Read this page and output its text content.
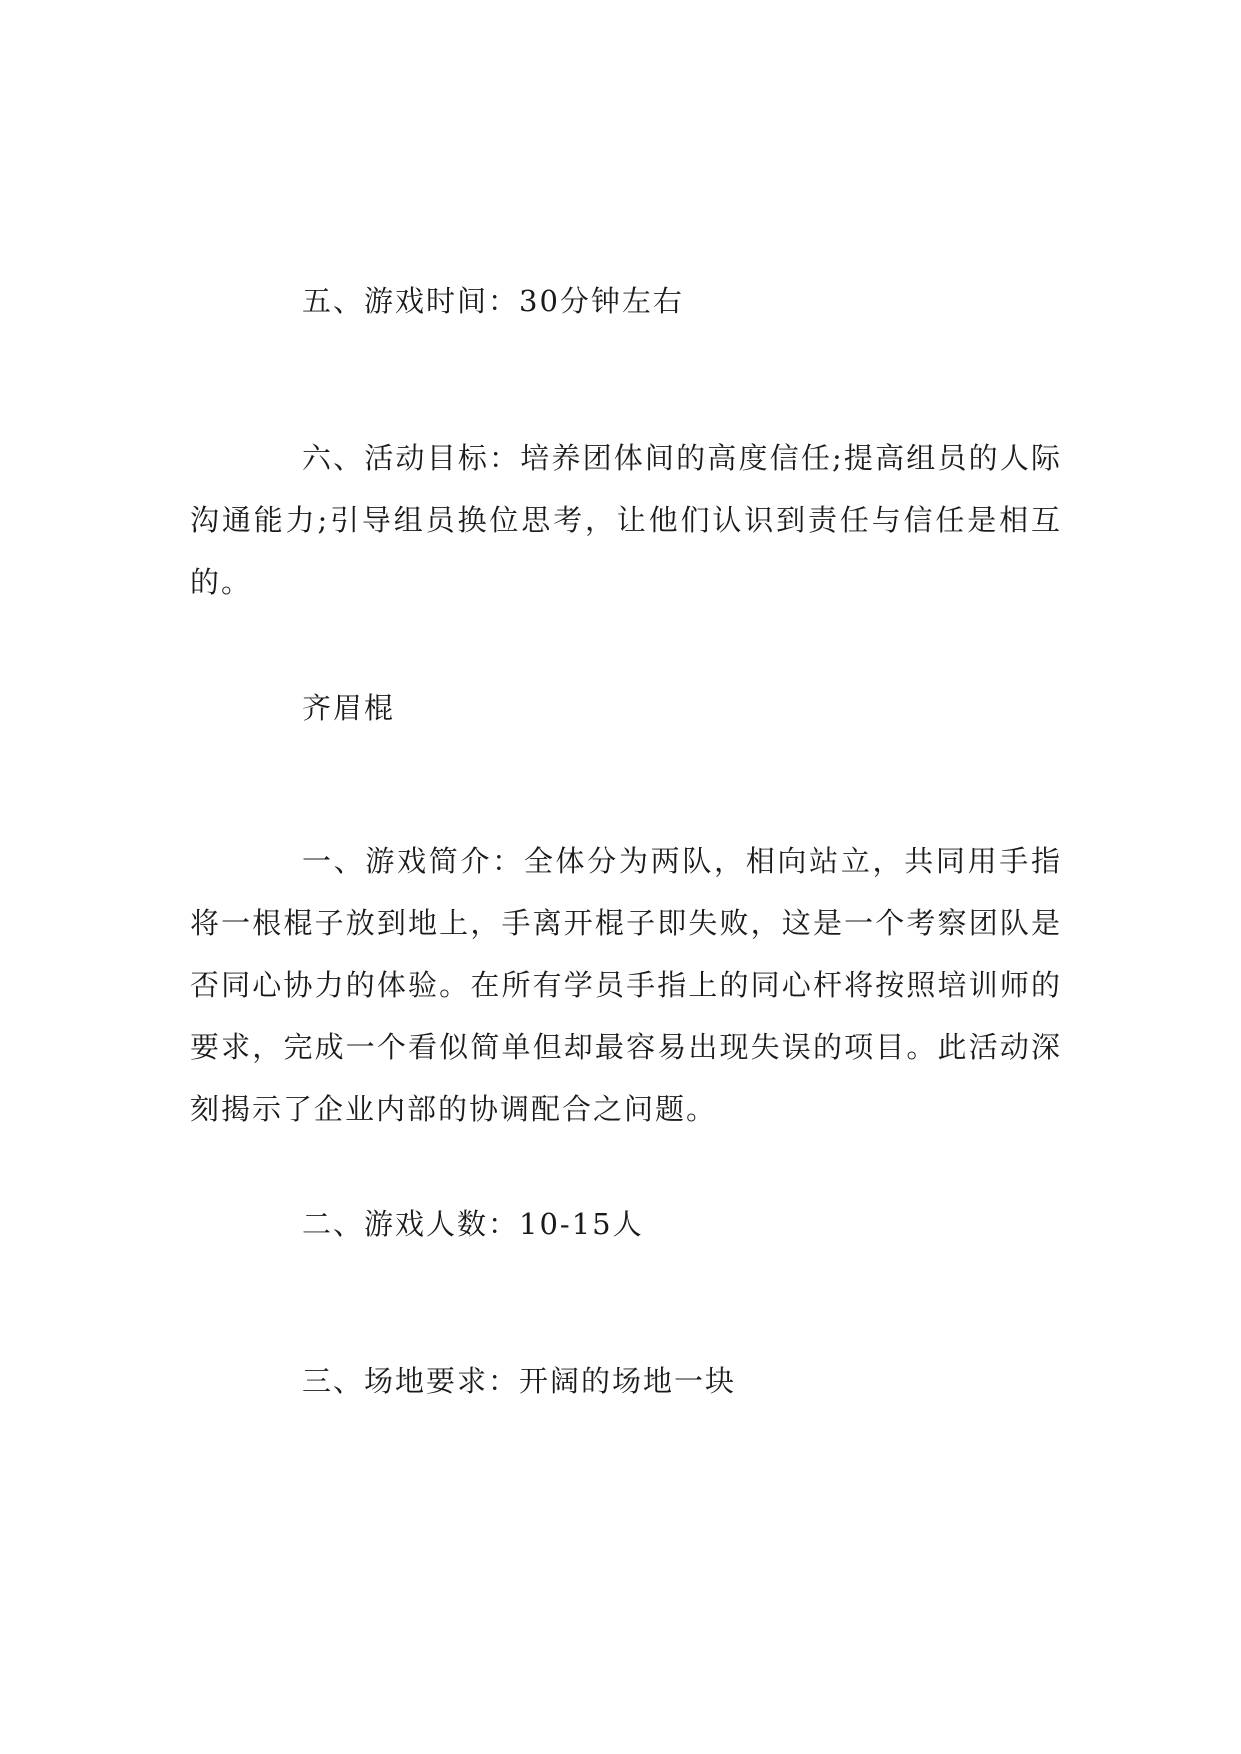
五、游戏时间：30分钟左右

六、活动目标：培养团体间的高度信任;提高组员的人际沟通能力;引导组员换位思考，让他们认识到责任与信任是相互的。

齐眉棍

一、游戏简介：全体分为两队，相向站立，共同用手指将一根棍子放到地上，手离开棍子即失败，这是一个考察团队是否同心协力的体验。在所有学员手指上的同心杆将按照培训师的要求，完成一个看似简单但却最容易出现失误的项目。此活动深刻揭示了企业内部的协调配合之问题。

二、游戏人数：10-15人

三、场地要求：开阔的场地一块
